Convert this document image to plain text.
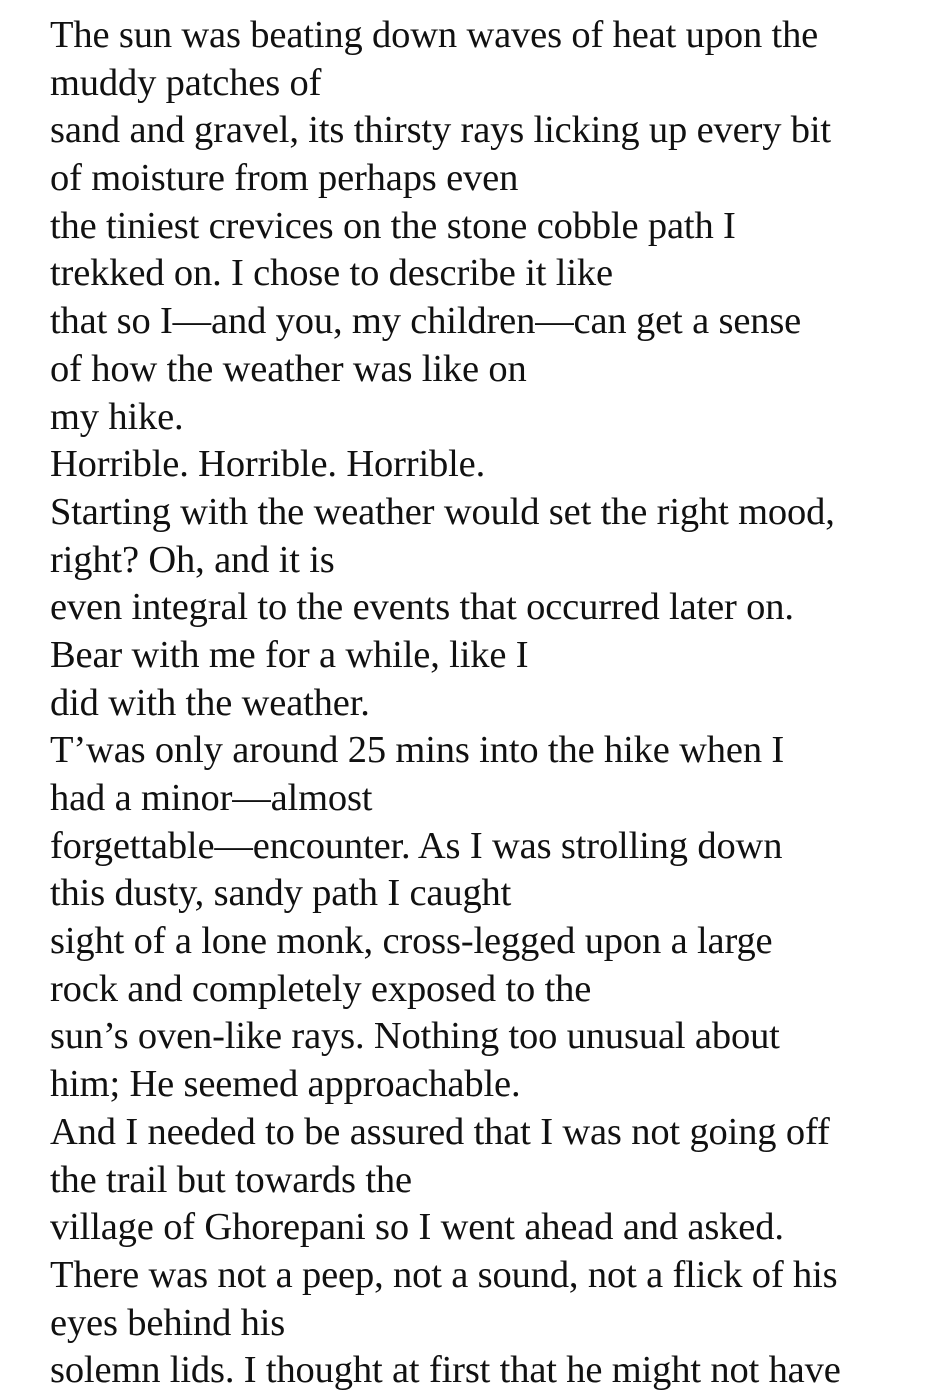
The sun was beating down waves of heat upon the
muddy patches of
sand and gravel, its thirsty rays licking up every bit
of moisture from perhaps even
the tiniest crevices on the stone cobble path I
trekked on. I chose to describe it like
that so I—and you, my children—can get a sense
of how the weather was like on
my hike.
Horrible. Horrible. Horrible.
Starting with the weather would set the right mood,
right? Oh, and it is
even integral to the events that occurred later on.
Bear with me for a while, like I
did with the weather.
T’was only around 25 mins into the hike when I
had a minor—almost
forgettable—encounter. As I was strolling down
this dusty, sandy path I caught
sight of a lone monk, cross-legged upon a large
rock and completely exposed to the
sun’s oven-like rays. Nothing too unusual about
him; He seemed approachable.
And I needed to be assured that I was not going off
the trail but towards the
village of Ghorepani so I went ahead and asked.
There was not a peep, not a sound, not a flick of his
eyes behind his
solemn lids. I thought at first that he might not have
